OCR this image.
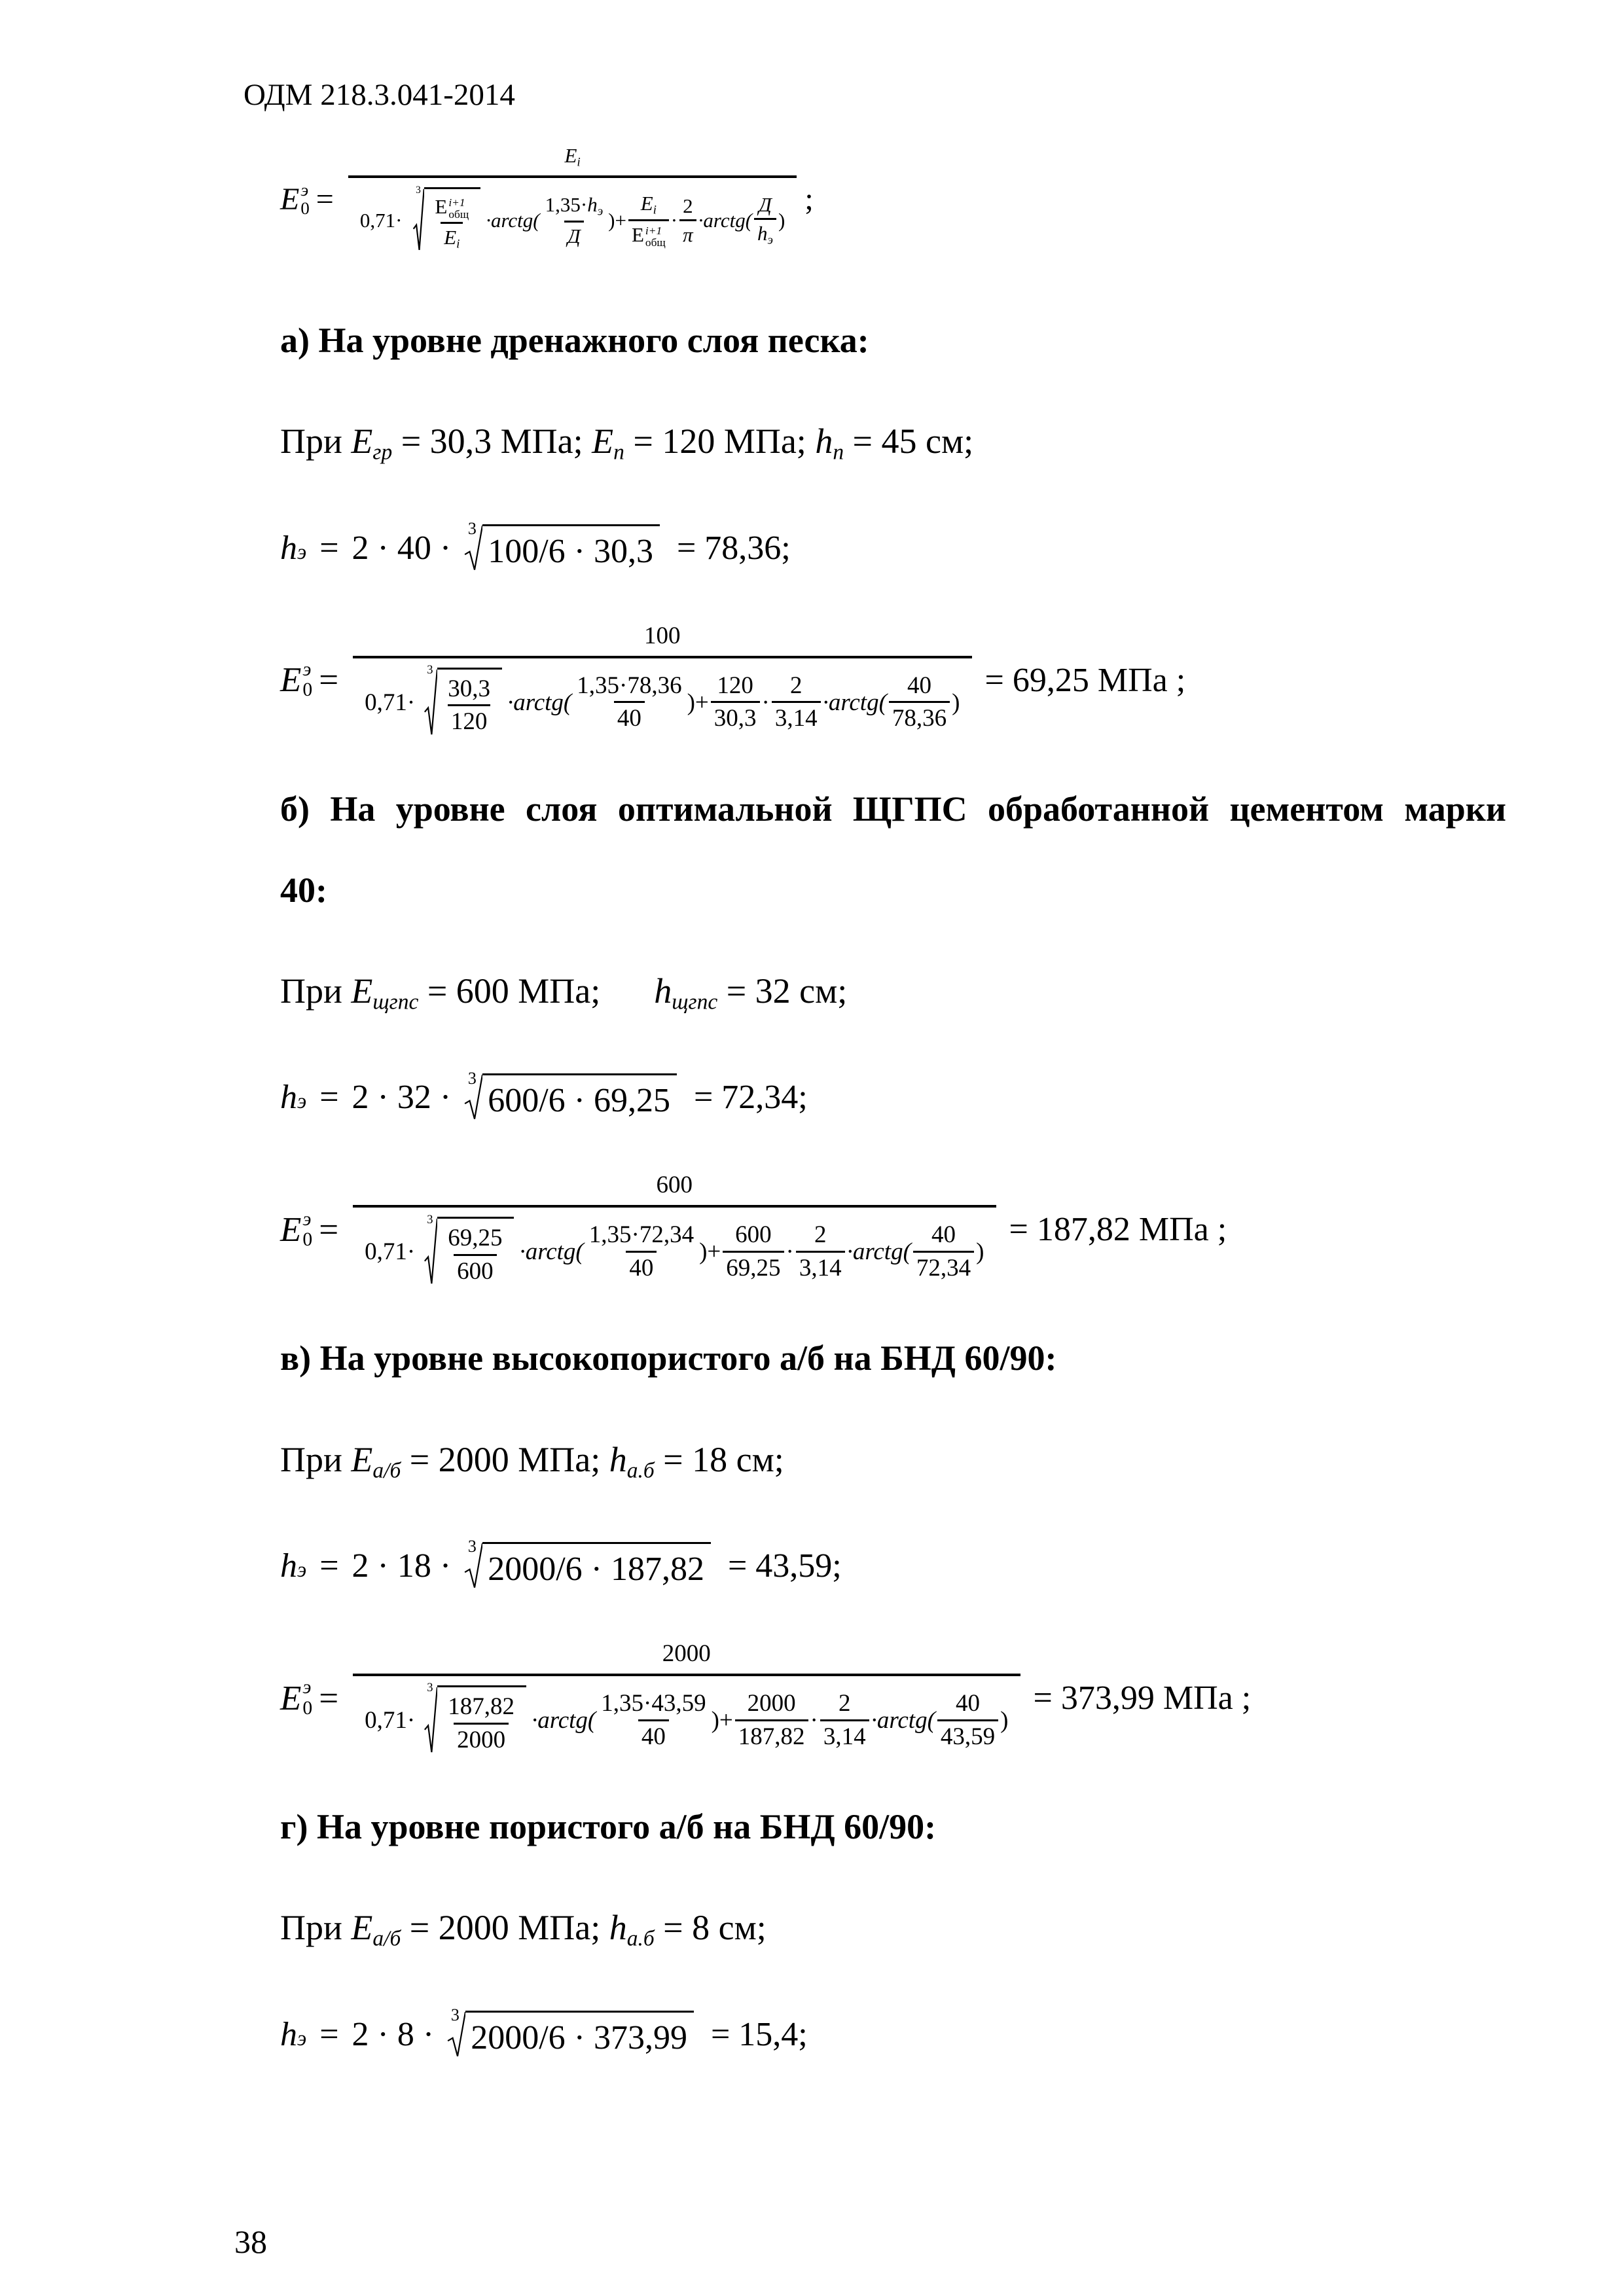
ОДМ 218.3.041-2014
E э
0 =
Ei
0,71·
3
Е i+1
общ
Ei ·arctg( $\frac{1,35\cdot hэ}{Д}$ )+ Ei
Е i+1
общ · $\frac{2}{\pi}$ ·arctg( $\frac{Д}{hэ}$ )
;
а) На уровне дренажного слоя песка:
При Егр = 30,3 МПа; Еп = 120 МПа; hп = 45 см;
h э = 2 · 40 ·
3
100/6 · 30,3 = 78,36;
E э
0 =
100
0,71·
3
$\frac{30,3}{120}$ ·arctg( $\frac{1,35\cdot 78,36}{40}$ )+ $\frac{120}{30,3} \cdot \frac{2}{3,14}$ ·arctg( $\frac{40}{78,36}$ )
= 69,25 МПа ;
б) На уровне слоя оптимальной ЩГПС обработанной цементом марки
40:
При Ещгпс = 600 МПа; hщгпс = 32 см;
h э = 2 · 32 ·
3
600/6 · 69,25 = 72,34;
E э
0 =
600
0,71·
3
$\frac{69,25}{600}$ ·arctg( $\frac{1,35\cdot 72,34}{40}$ )+ $\frac{600}{69,25} \cdot \frac{2}{3,14}$ ·arctg( $\frac{40}{72,34}$ )
= 187,82 МПа ;
в) На уровне высокопористого а/б на БНД 60/90:
При Еа/б = 2000 МПа; hа.б = 18 см;
h э = 2 · 18 ·
3
2000/6 · 187,82 = 43,59;
E э
0 =
2000
0,71·
3
$\frac{187,82}{2000}$ ·arctg( $\frac{1,35\cdot 43,59}{40}$ )+ $\frac{2000}{187,82} \cdot \frac{2}{3,14}$ ·arctg( $\frac{40}{43,59}$ )
= 373,99 МПа ;
г) На уровне пористого а/б на БНД 60/90:
При Еа/б = 2000 МПа; hа.б = 8 см;
h э = 2 · 8 ·
3
2000/6 · 373,99 = 15,4;
38
